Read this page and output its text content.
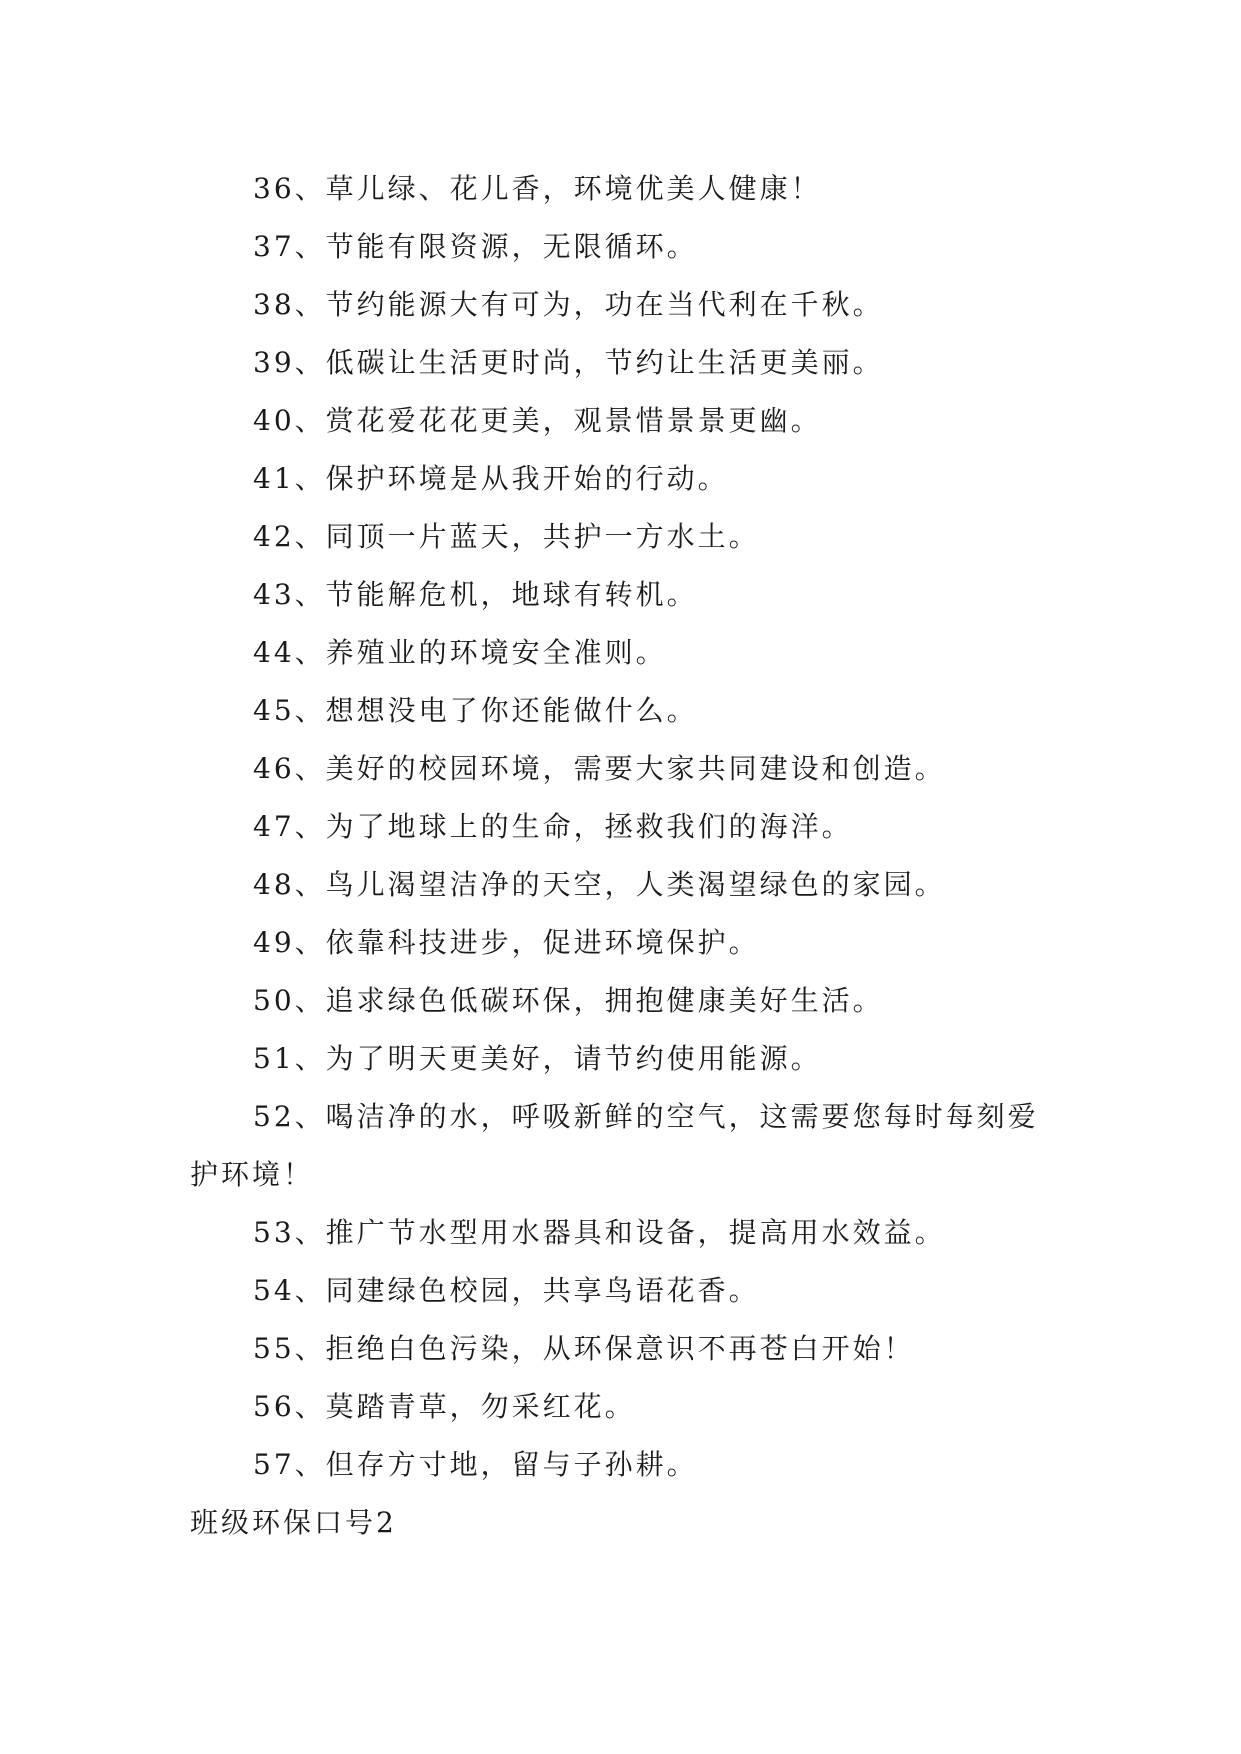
36、草儿绿、花儿香，环境优美人健康！

37、节能有限资源，无限循环。

38、节约能源大有可为，功在当代利在千秋。

39、低碳让生活更时尚，节约让生活更美丽。

40、赏花爱花花更美，观景惜景景更幽。

41、保护环境是从我开始的行动。

42、同顶一片蓝天，共护一方水土。

43、节能解危机，地球有转机。

44、养殖业的环境安全准则。

45、想想没电了你还能做什么。

46、美好的校园环境，需要大家共同建设和创造。

47、为了地球上的生命，拯救我们的海洋。

48、鸟儿渴望洁净的天空，人类渴望绿色的家园。

49、依靠科技进步，促进环境保护。

50、追求绿色低碳环保，拥抱健康美好生活。

51、为了明天更美好，请节约使用能源。

52、喝洁净的水，呼吸新鲜的空气，这需要您每时每刻爱护环境！

53、推广节水型用水器具和设备，提高用水效益。

54、同建绿色校园，共享鸟语花香。

55、拒绝白色污染，从环保意识不再苍白开始！

56、莫踏青草，勿采红花。

57、但存方寸地，留与子孙耕。

班级环保口号2
